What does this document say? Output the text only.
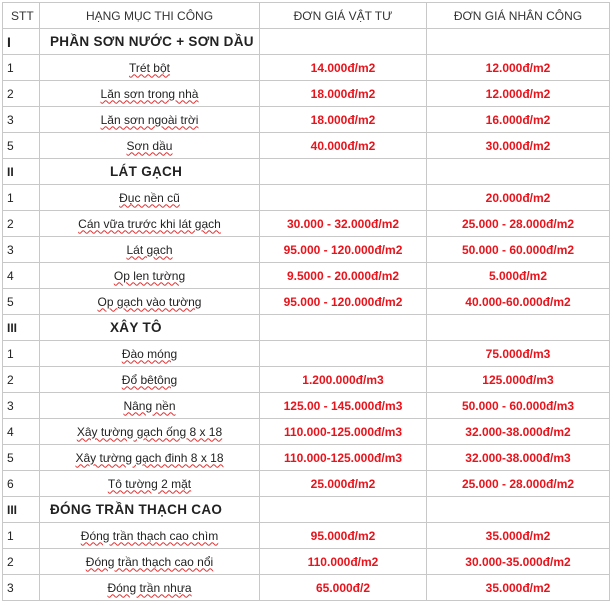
STT	HẠNG MỤC THI CÔNG	ĐƠN GIÁ VẬT TƯ	ĐƠN GIÁ NHÂN CÔNG
I	PHẦN SƠN NƯỚC + SƠN DẦU		
1	Trét bột	14.000đ/m2	12.000đ/m2
2	Lăn sơn trong nhà	18.000đ/m2	12.000đ/m2
3	Lăn sơn ngoài trời	18.000đ/m2	16.000đ/m2
5	Sơn dầu	40.000đ/m2	30.000đ/m2
II	LÁT GẠCH		
1	Đục nền cũ		20.000đ/m2
2	Cán vữa trước khi lát gạch	30.000 - 32.000đ/m2	25.000 - 28.000đ/m2
3	Lát gạch	95.000 - 120.000đ/m2	50.000 - 60.000đ/m2
4	Op len tường	9.5000 - 20.000đ/m2	5.000đ/m2
5	Op gạch vào tường	95.000 - 120.000đ/m2	40.000-60.000đ/m2
III	XÂY TÔ		
1	Đào móng		75.000đ/m3
2	Đổ bêtông	1.200.000đ/m3	125.000đ/m3
3	Nâng nền	125.00 - 145.000đ/m3	50.000 - 60.000đ/m3
4	Xây tường gạch ống 8 x 18	110.000-125.000đ/m3	32.000-38.000đ/m2
5	Xây tường gạch đinh 8 x 18	110.000-125.000đ/m3	32.000-38.000đ/m3
6	Tô tường 2 mặt	25.000đ/m2	25.000 - 28.000đ/m2
III	ĐÓNG TRẦN THẠCH CAO		
1	Đóng trần thạch cao chìm	95.000đ/m2	35.000đ/m2
2	Đóng trần thạch cao nổi	110.000đ/m2	30.000-35.000đ/m2
3	Đóng trần nhựa	65.000đ/2	35.000đ/m2
